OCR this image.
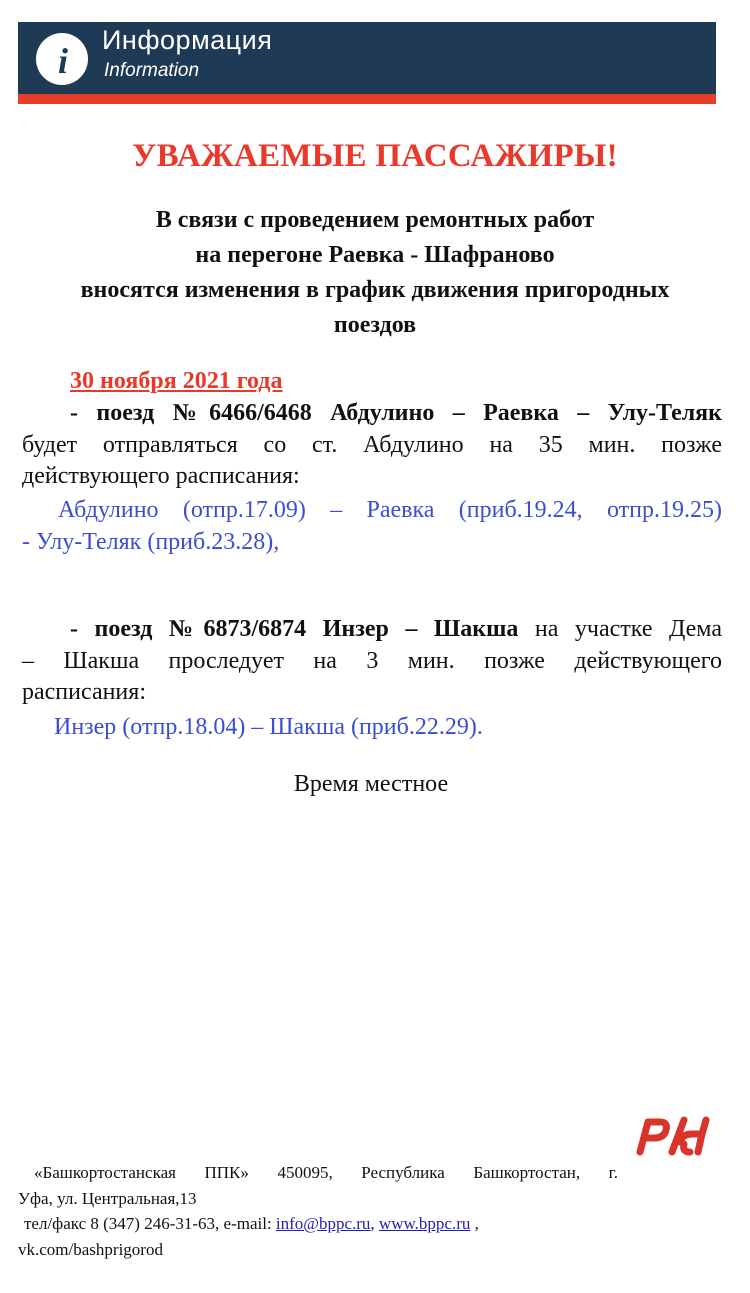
i
Информация
Information
УВАЖАЕМЫЕ ПАССАЖИРЫ!
В связи с проведением ремонтных работ
на перегоне Раевка - Шафраново
вносятся изменения в график движения пригородных
поездов
30 ноября 2021 года
- поезд №6466/6468 Абдулино – Раевка – Улу-Теляк
будет отправляться со ст. Абдулино на 35 мин. позже
действующего расписания:
Абдулино (отпр.17.09) – Раевка (приб.19.24, отпр.19.25)
- Улу-Теляк (приб.23.28),
- поезд №6873/6874 Инзер – Шакша на участке Дема
– Шакша проследует на 3 мин. позже действующего
расписания:
Инзер (отпр.18.04) – Шакша (приб.22.29).
Время местное
«Башкортостанская ППК» 450095, Республика Башкортостан, г.
Уфа, ул. Центральная,13
тел/факс 8 (347) 246-31-63, e-mail: info@bppc.ru, www.bppc.ru ,
vk.com/bashprigorod
